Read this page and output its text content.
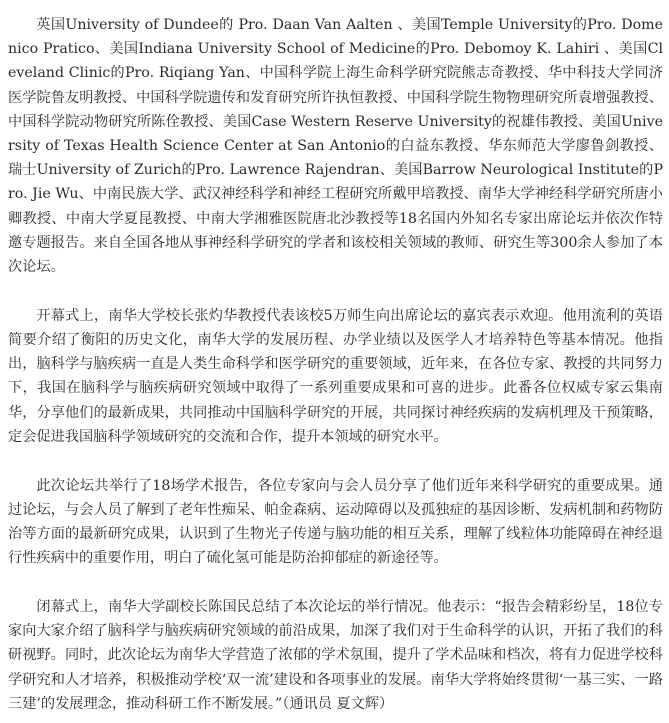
英国University of Dundee的 Pro. Daan Van Aalten 、美国Temple University的Pro. Domenico Pratico、美国Indiana University School of Medicine的Pro. Debomoy K. Lahiri 、美国Cleveland Clinic的Pro. Riqiang Yan、中国科学院上海生命科学研究院熊志奇教授、华中科技大学同济医学院鲁友明教授、中国科学院遗传和发育研究所许执恒教授、中国科学院生物物理研究所袁增强教授、中国科学院动物研究所陈佺教授、美国Case Western Reserve University的祝雄伟教授、美国University of Texas Health Science Center at San Antonio的白益东教授、华东师范大学廖鲁剑教授、瑞士University of Zurich的Pro. Lawrence Rajendran、美国Barrow Neurological Institute的Pro. Jie Wu、中南民族大学、武汉神经科学和神经工程研究所戴甲培教授、南华大学神经科学研究所唐小卿教授、中南大学夏昆教授、中南大学湘雅医院唐北沙教授等18名国内外知名专家出席论坛并依次作特邀专题报告。来自全国各地从事神经科学研究的学者和该校相关领域的教师、研究生等300余人参加了本次论坛。

开幕式上，南华大学校长张灼华教授代表该校5万师生向出席论坛的嘉宾表示欢迎。他用流利的英语简要介绍了衡阳的历史文化，南华大学的发展历程、办学业绩以及医学人才培养特色等基本情况。他指出，脑科学与脑疾病一直是人类生命科学和医学研究的重要领域，近年来，在各位专家、教授的共同努力下，我国在脑科学与脑疾病研究领域中取得了一系列重要成果和可喜的进步。此番各位权威专家云集南华，分享他们的最新成果，共同推动中国脑科学研究的开展，共同探讨神经疾病的发病机理及干预策略，定会促进我国脑科学领域研究的交流和合作，提升本领域的研究水平。

此次论坛共举行了18场学术报告，各位专家向与会人员分享了他们近年来科学研究的重要成果。通过论坛，与会人员了解到了老年性痴呆、帕金森病、运动障碍以及孤独症的基因诊断、发病机制和药物防治等方面的最新研究成果，认识到了生物光子传递与脑功能的相互关系，理解了线粒体功能障碍在神经退行性疾病中的重要作用，明白了硫化氢可能是防治抑郁症的新途径等。

闭幕式上，南华大学副校长陈国民总结了本次论坛的举行情况。他表示：“报告会精彩纷呈，18位专家向大家介绍了脑科学与脑疾病研究领域的前沿成果，加深了我们对于生命科学的认识，开拓了我们的科研视野。同时，此次论坛为南华大学营造了浓郁的学术氛围，提升了学术品味和档次，将有力促进学校科学研究和人才培养，积极推动学校‘双一流’建设和各项事业的发展。南华大学将始终贯彻‘一基三实、一路三建’的发展理念，推动科研工作不断发展。”（通讯员 夏文辉）
